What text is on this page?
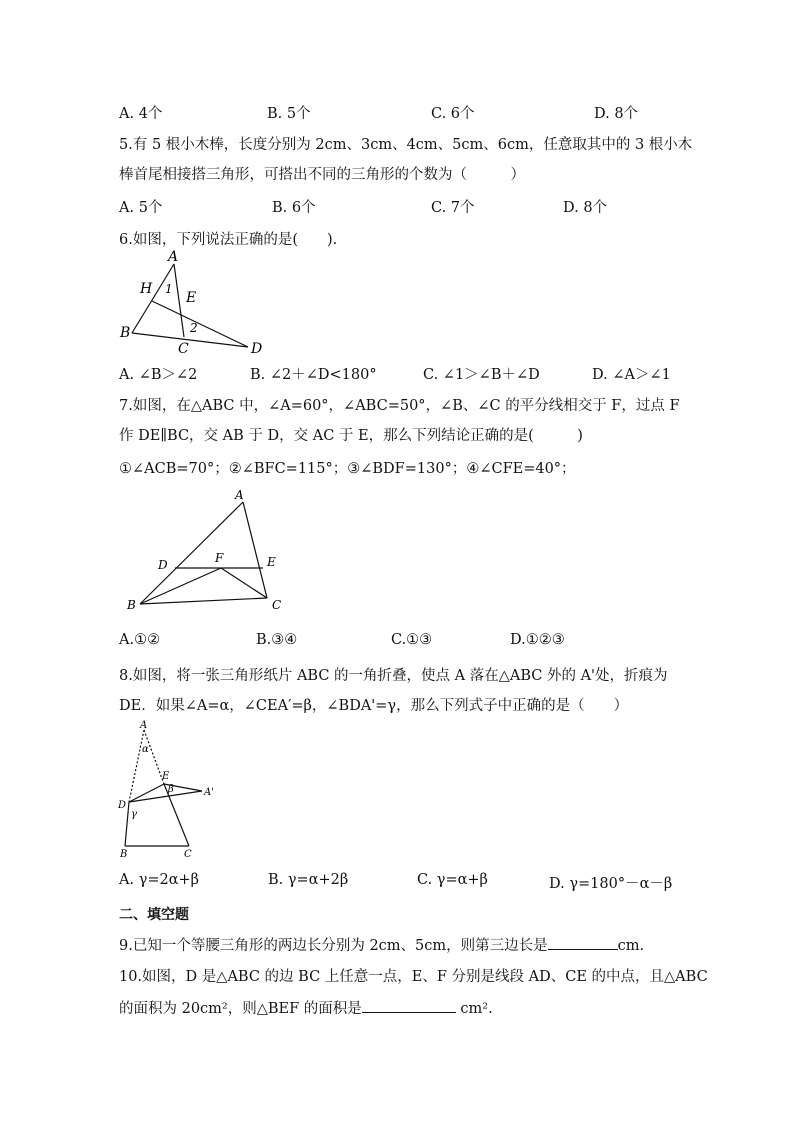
A. 4个	B. 5个	C. 6个	D. 8个
5.有 5 根小木棒，长度分别为 2cm、3cm、4cm、5cm、6cm，任意取其中的 3 根小木
棒首尾相接搭三角形，可搭出不同的三角形的个数为（　　　）
A. 5个	B. 6个	C. 7个	D. 8个
6.如图，下列说法正确的是(　　).
A
H 1
E
B	2
C	D
A. ∠B＞∠2	B. ∠2＋∠D<180°	C. ∠1＞∠B＋∠D	D. ∠A＞∠1
7.如图，在△ABC 中，∠A=60°，∠ABC=50°，∠B、∠C 的平分线相交于 F，过点 F
作 DE∥BC，交 AB 于 D，交 AC 于 E，那么下列结论正确的是(　　　)
①∠ACB=70°；②∠BFC=115°；③∠BDF=130°；④∠CFE=40°；
A
D	F	E
B	C
A.①②	B.③④	C.①③	D.①②③
8.如图，将一张三角形纸片 ABC 的一角折叠，使点 A 落在△ABC 外的 A'处，折痕为
DE．如果∠A=α，∠CEA′=β，∠BDA'=γ，那么下列式子中正确的是（　　）
A
α
E
β	A'
D
γ
B	C
A. γ=2α+β	B. γ=α+2β	C. γ=α+β	D. γ=180°－α－β
二、填空题
9.已知一个等腰三角形的两边长分别为 2cm、5cm，则第三边长是	cm.
10.如图，D 是△ABC 的边 BC 上任意一点，E、F 分别是线段 AD、CE 的中点，且△ABC
的面积为 20cm²，则△BEF 的面积是	cm².
